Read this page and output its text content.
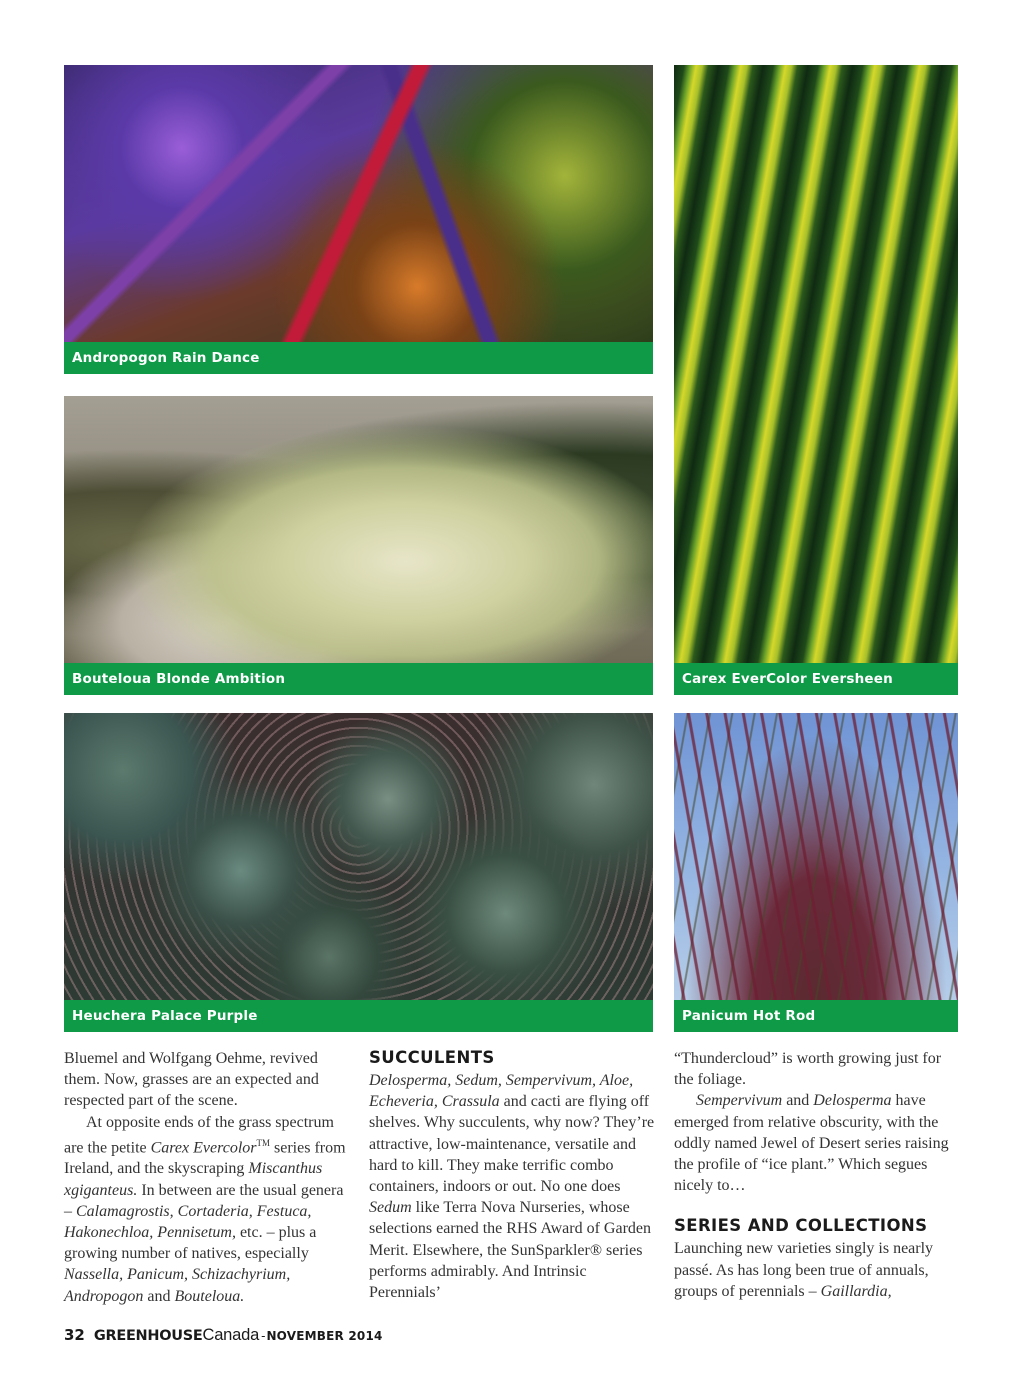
Andropogon Rain Dance
Bouteloua Blonde Ambition	Carex EverColor Eversheen
Heuchera Palace Purple	Panicum Hot Rod

Bluemel and Wolfgang Oehme, revived them. Now, grasses are an expected and respected part of the scene.

At opposite ends of the grass spectrum are the petite Carex Evercolor™ series from Ireland, and the skyscraping Miscanthus xgiganteus. In between are the usual genera – Calamagrostis, Cortaderia, Festuca, Hakonechloa, Pennisetum, etc. – plus a growing number of natives, especially Nassella, Panicum, Schizachyrium, Andropogon and Bouteloua.

SUCCULENTS

Delosperma, Sedum, Sempervivum, Aloe, Echeveria, Crassula and cacti are flying off shelves. Why succulents, why now? They’re attractive, low-maintenance, versatile and hard to kill. They make terrific combo containers, indoors or out. No one does Sedum like Terra Nova Nurseries, whose selections earned the RHS Award of Garden Merit. Elsewhere, the SunSparkler® series performs admirably. And Intrinsic Perennials’

“Thundercloud” is worth growing just for the foliage.

Sempervivum and Delosperma have emerged from relative obscurity, with the oddly named Jewel of Desert series raising the profile of “ice plant.” Which segues nicely to…

SERIES AND COLLECTIONS

Launching new varieties singly is nearly passé. As has long been true of annuals, groups of perennials – Gaillardia,

32 GREENHOUSE Canada - NOVEMBER 2014
